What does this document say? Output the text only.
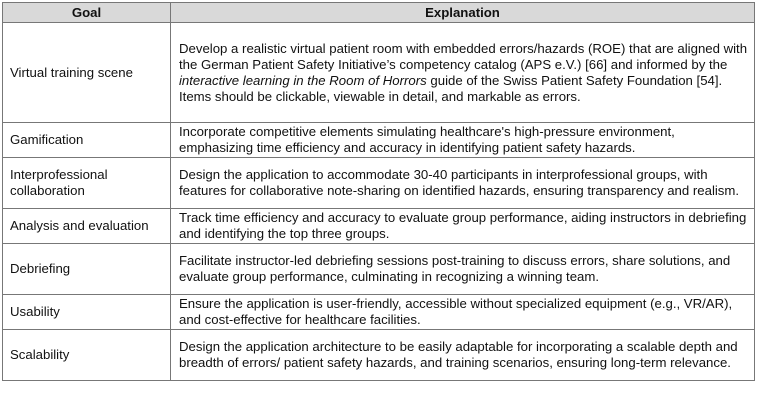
Goal	Explanation
Virtual training scene	Develop a realistic virtual patient room with embedded errors/hazards (ROE) that are aligned with the German Patient Safety Initiative’s competency catalog (APS e.V.) [66] and informed by the interactive learning in the Room of Horrors guide of the Swiss Patient Safety Foundation [54]. Items should be clickable, viewable in detail, and markable as errors.
Gamification	Incorporate competitive elements simulating healthcare's high-pressure environment, emphasizing time efficiency and accuracy in identifying patient safety hazards.
Interprofessional collaboration	Design the application to accommodate 30-40 participants in interprofessional groups, with features for collaborative note-sharing on identified hazards, ensuring transparency and realism.
Analysis and evaluation	Track time efficiency and accuracy to evaluate group performance, aiding instructors in debriefing and identifying the top three groups.
Debriefing	Facilitate instructor-led debriefing sessions post-training to discuss errors, share solutions, and evaluate group performance, culminating in recognizing a winning team.
Usability	Ensure the application is user-friendly, accessible without specialized equipment (e.g., VR/AR), and cost-effective for healthcare facilities.
Scalability	Design the application architecture to be easily adaptable for incorporating a scalable depth and breadth of errors/ patient safety hazards, and training scenarios, ensuring long-term relevance.
